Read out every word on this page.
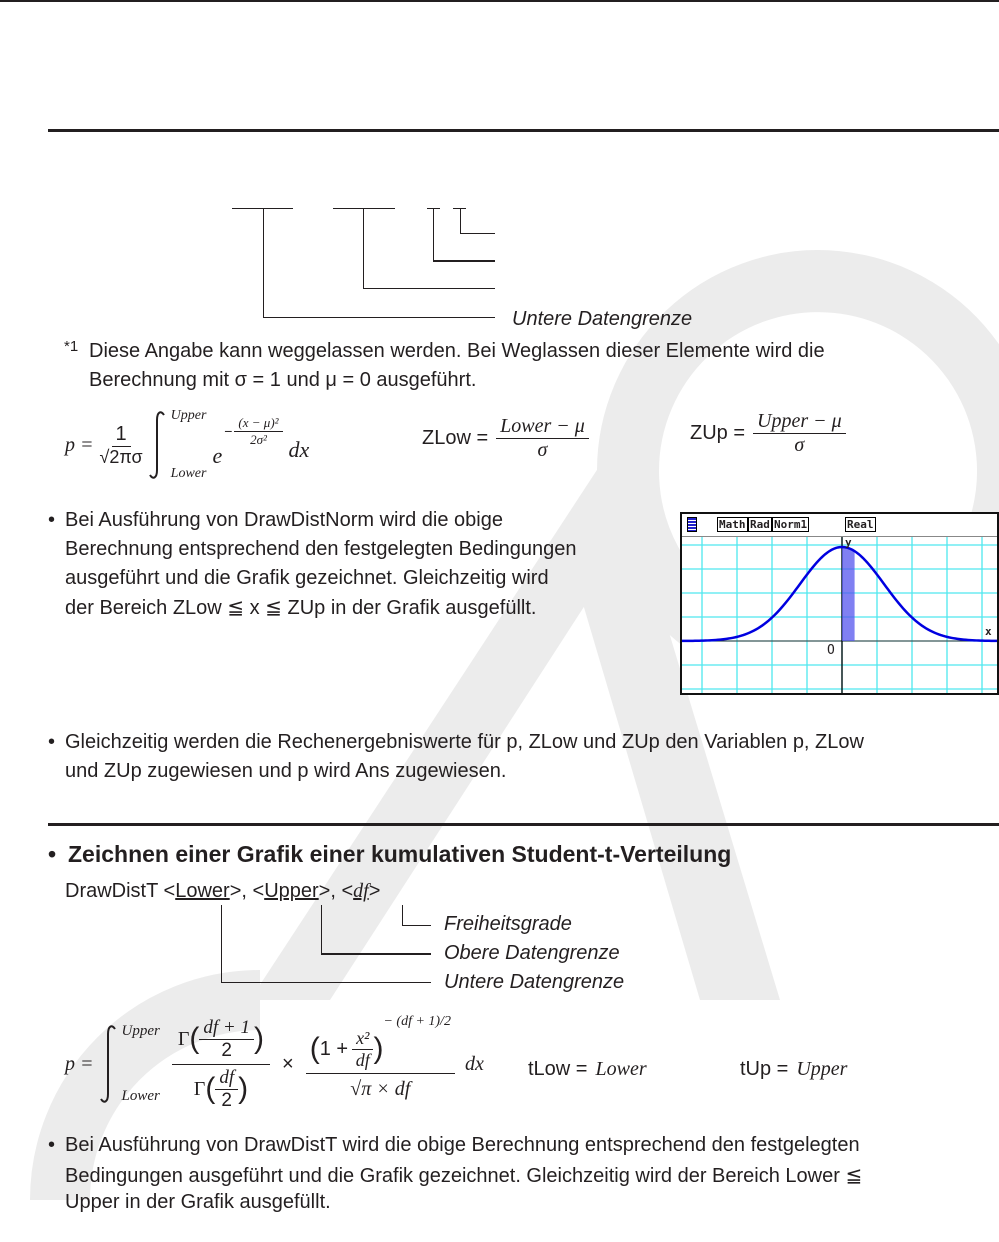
Untere Datengrenze
*1 Diese Angabe kann weggelassen werden. Bei Weglassen dieser Elemente wird die
Berechnung mit σ = 1 und μ = 0 ausgeführt.
$p = \frac{1}{√2\pi\sigma}$
Upper
Lower
e
− $\frac{\text{(x − μ)²}}{\text{2σ²}}$
dx	ZLow = $\frac{\text{Lower − μ}}{\sigma}$	ZUp = $\frac{\text{Upper − μ}}{\sigma}$
• Bei Ausführung von DrawDistNorm wird die obige
Berechnung entsprechend den festgelegten Bedingungen
ausgeführt und die Grafik gezeichnet. Gleichzeitig wird
der Bereich ZLow ≦ x ≦ ZUp in der Grafik ausgefüllt.
Math Rad Norm1	Real
y
x
O
• Gleichzeitig werden die Rechenergebniswerte für p, ZLow und ZUp den Variablen p, ZLow
und ZUp zugewiesen und p wird Ans zugewiesen.
• Zeichnen einer Grafik einer kumulativen Student-t-Verteilung
DrawDistT <Lower>, <Upper>, <df>
Freiheitsgrade
Obere Datengrenze
Untere Datengrenze
p =
Upper
Lower $\frac{\Gamma ( \frac{df + 1}{2} )}{\Gamma ( \frac{df}{2} )}$ × ( $1 + \frac{\text{x²}}{df}$ )
− (df + 1)/2
√π × df
dx tLow = Lower	tUp = Upper
• Bei Ausführung von DrawDistT wird die obige Berechnung entsprechend den festgelegten
Bedingungen ausgeführt und die Grafik gezeichnet. Gleichzeitig wird der Bereich Lower ≦
Upper in der Grafik ausgefüllt.
